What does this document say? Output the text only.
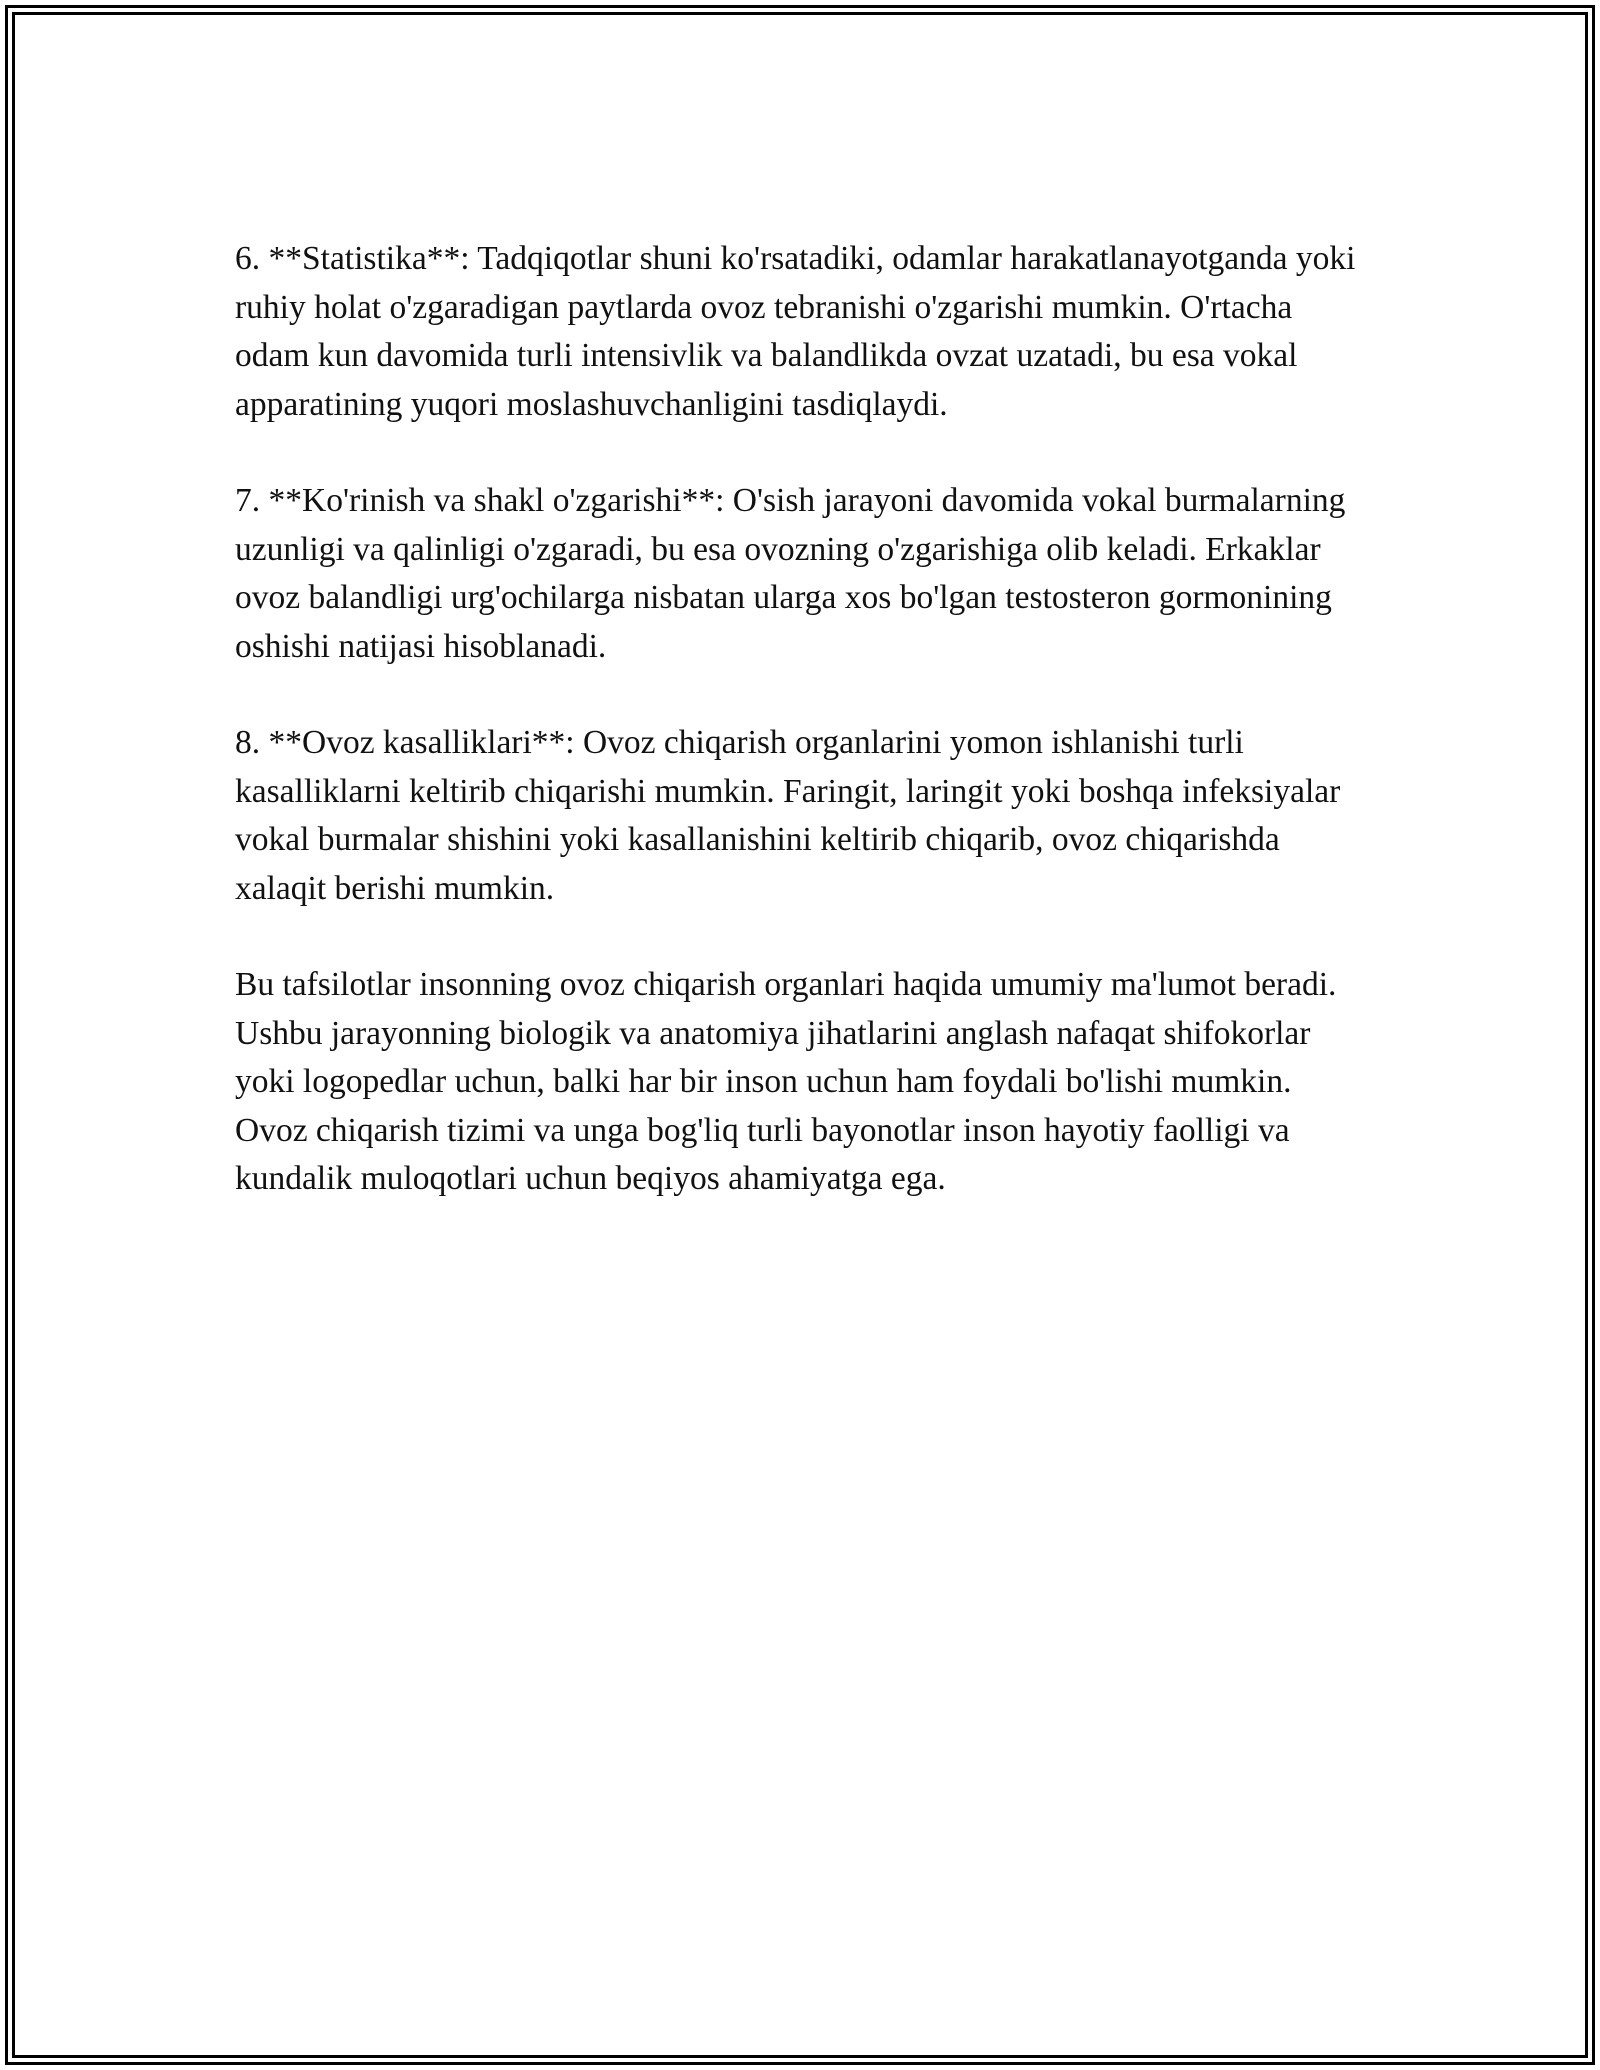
6. **Statistika**: Tadqiqotlar shuni ko'rsatadiki, odamlar harakatlanayotganda yoki ruhiy holat o'zgaradigan paytlarda ovoz tebranishi o'zgarishi mumkin. O'rtacha odam kun davomida turli intensivlik va balandlikda ovzat uzatadi, bu esa vokal apparatining yuqori moslashuvchanligini tasdiqlaydi.

7. **Ko'rinish va shakl o'zgarishi**: O'sish jarayoni davomida vokal burmalarning uzunligi va qalinligi o'zgaradi, bu esa ovozning o'zgarishiga olib keladi. Erkaklar ovoz balandligi urg'ochilarga nisbatan ularga xos bo'lgan testosteron gormonining oshishi natijasi hisoblanadi.

8. **Ovoz kasalliklari**: Ovoz chiqarish organlarini yomon ishlanishi turli kasalliklarni keltirib chiqarishi mumkin. Faringit, laringit yoki boshqa infeksiyalar vokal burmalar shishini yoki kasallanishini keltirib chiqarib, ovoz chiqarishda xalaqit berishi mumkin.

Bu tafsilotlar insonning ovoz chiqarish organlari haqida umumiy ma'lumot beradi. Ushbu jarayonning biologik va anatomiya jihatlarini anglash nafaqat shifokorlar yoki logopedlar uchun, balki har bir inson uchun ham foydali bo'lishi mumkin. Ovoz chiqarish tizimi va unga bog'liq turli bayonotlar inson hayotiy faolligi va kundalik muloqotlari uchun beqiyos ahamiyatga ega.
